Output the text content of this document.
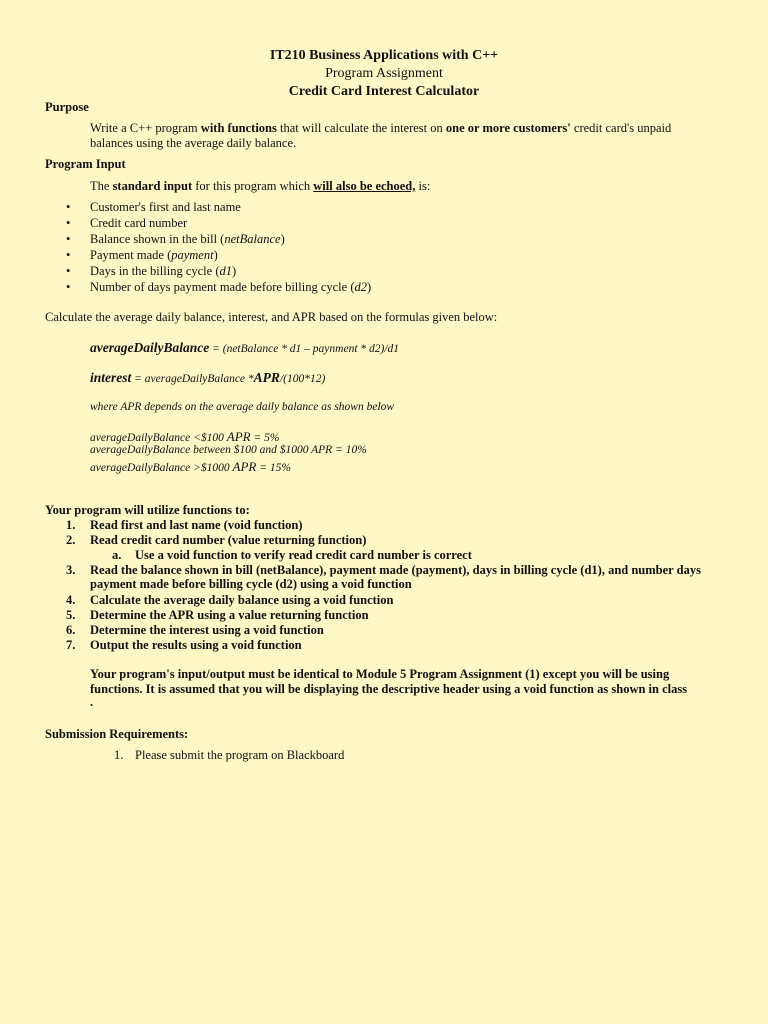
IT210 Business Applications with C++
Program Assignment
Credit Card Interest Calculator
Purpose
Write a C++ program with functions that will calculate the interest on one or more customers' credit card's unpaid
balances using the average daily balance.
Program Input
The standard input for this program which will also be echoed, is:
• Customer's first and last name
• Credit card number
• Balance shown in the bill (netBalance)
• Payment made (payment)
• Days in the billing cycle (d1)
• Number of days payment made before billing cycle (d2)
Calculate the average daily balance, interest, and APR based on the formulas given below:
averageDailyBalance = (netBalance * d1 – paynment * d2)/d1
interest = averageDailyBalance *APR/(100*12)
where APR depends on the average daily balance as shown below
averageDailyBalance <$100 APR = 5%
averageDailyBalance between $100 and $1000 APR = 10%
averageDailyBalance >$1000 APR = 15%
Your program will utilize functions to:
1. Read first and last name (void function)
2. Read credit card number (value returning function)
a. Use a void function to verify read credit card number is correct
3. Read the balance shown in bill (netBalance), payment made (payment), days in billing cycle (d1), and number days
payment made before billing cycle (d2) using a void function
4. Calculate the average daily balance using a void function
5. Determine the APR using a value returning function
6. Determine the interest using a void function
7. Output the results using a void function
Your program's input/output must be identical to Module 5 Program Assignment (1) except you will be using
functions. It is assumed that you will be displaying the descriptive header using a void function as shown in class
.
Submission Requirements:
1. Please submit the program on Blackboard
